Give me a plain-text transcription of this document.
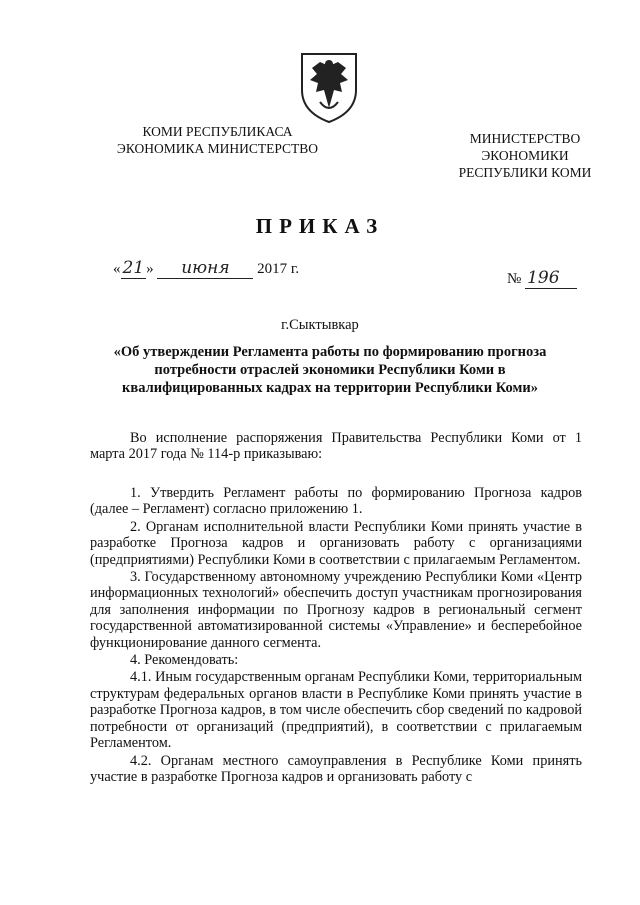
КОМИ РЕСПУБЛИКАСА
ЭКОНОМИКА МИНИСТЕРСТВО
МИНИСТЕРСТВО
ЭКОНОМИКИ
РЕСПУБЛИКИ КОМИ
ПРИКАЗ
« 21 » июня 2017 г.
№ 196
г.Сыктывкар
«Об утверждении Регламента работы по формированию прогноза потребности отраслей экономики Республики Коми в квалифицированных кадрах на территории Республики Коми»

Во исполнение распоряжения Правительства Республики Коми от 1 марта 2017 года № 114-р приказываю:

1. Утвердить Регламент работы по формированию Прогноза кадров (далее – Регламент) согласно приложению 1.

2. Органам исполнительной власти Республики Коми принять участие в разработке Прогноза кадров и организовать работу с организациями (предприятиями) Республики Коми в соответствии с прилагаемым Регламентом.

3. Государственному автономному учреждению Республики Коми «Центр информационных технологий» обеспечить доступ участникам прогнозирования для заполнения информации по Прогнозу кадров в региональный сегмент государственной автоматизированной системы «Управление» и бесперебойное функционирование данного сегмента.

4. Рекомендовать:

4.1. Иным государственным органам Республики Коми, территориальным структурам федеральных органов власти в Республике Коми принять участие в разработке Прогноза кадров, в том числе обеспечить сбор сведений по кадровой потребности от организаций (предприятий), в соответствии с прилагаемым Регламентом.

4.2. Органам местного самоуправления в Республике Коми принять участие в разработке Прогноза кадров и организовать работу с
